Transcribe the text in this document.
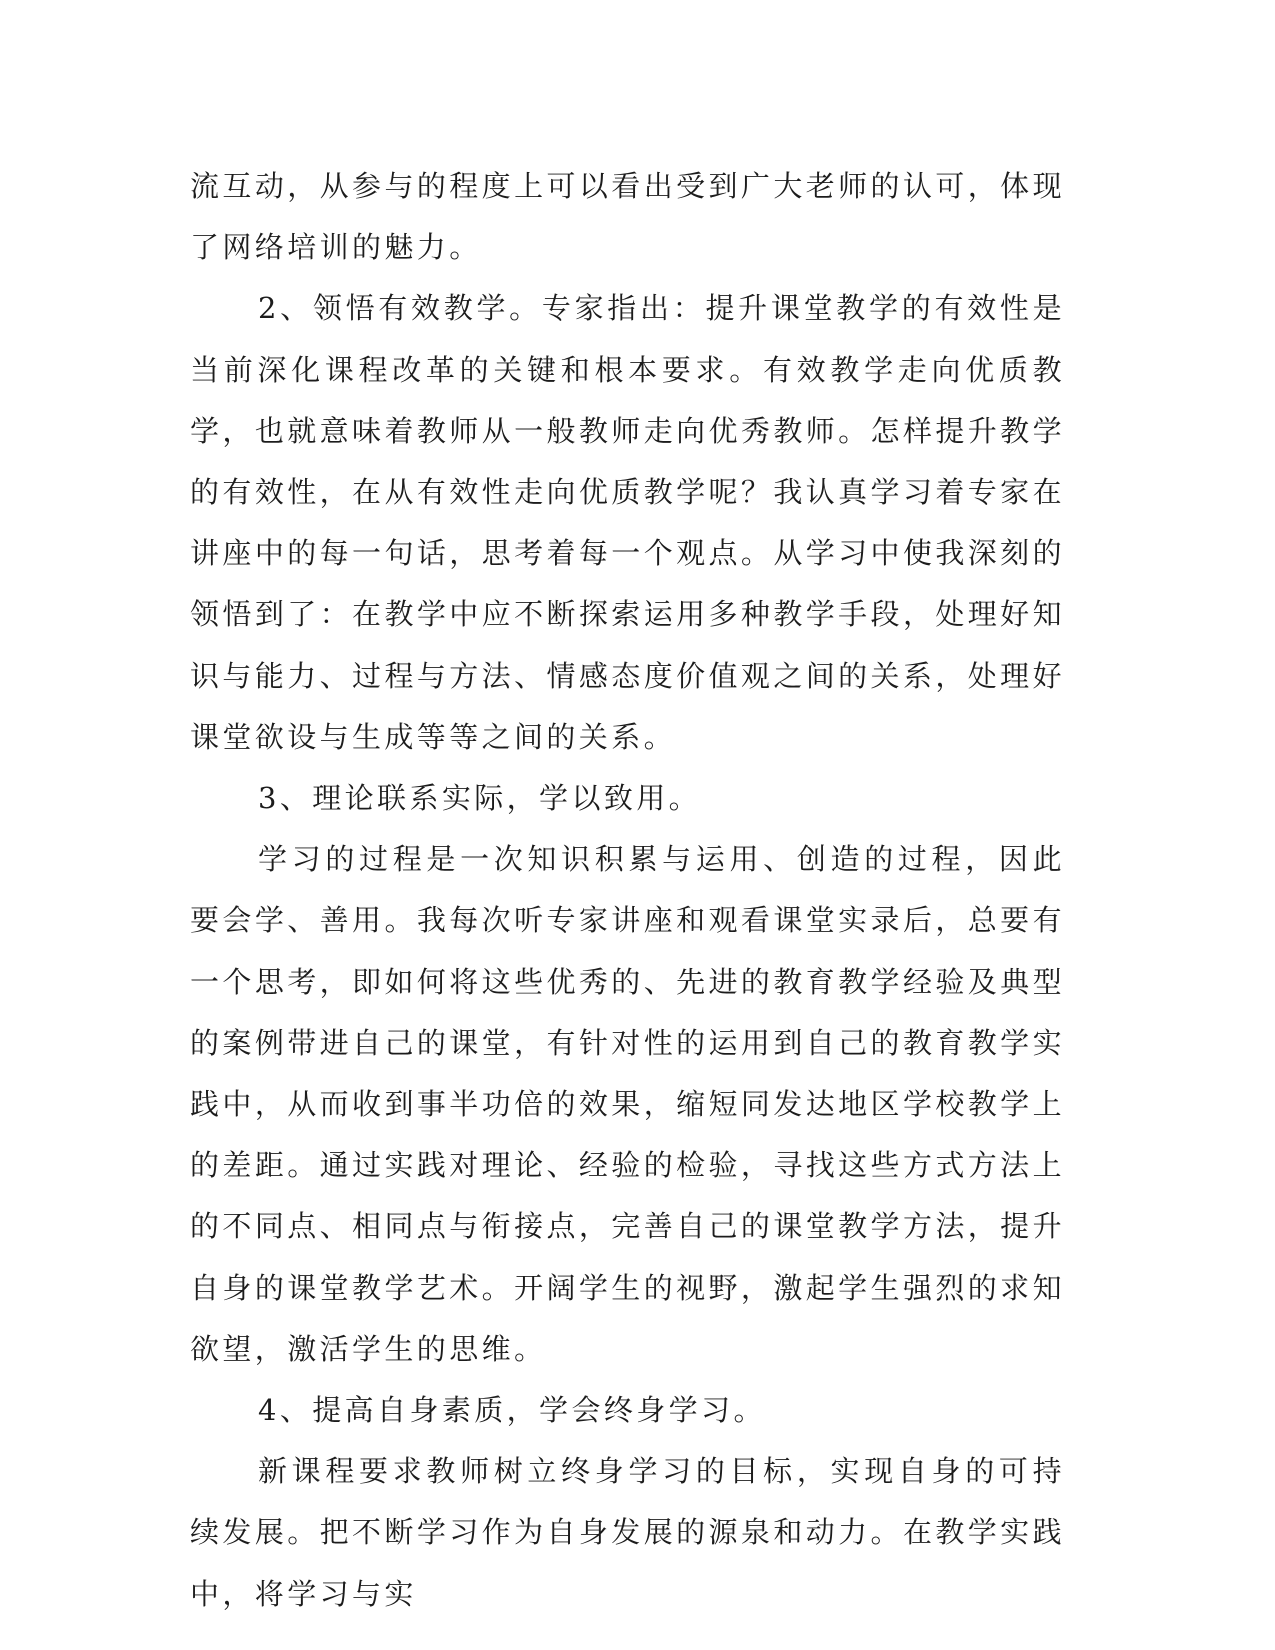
流互动，从参与的程度上可以看出受到广大老师的认可，体现了网络培训的魅力。

2、领悟有效教学。专家指出：提升课堂教学的有效性是当前深化课程改革的关键和根本要求。有效教学走向优质教学，也就意味着教师从一般教师走向优秀教师。怎样提升教学的有效性，在从有效性走向优质教学呢？我认真学习着专家在讲座中的每一句话，思考着每一个观点。从学习中使我深刻的领悟到了：在教学中应不断探索运用多种教学手段，处理好知识与能力、过程与方法、情感态度价值观之间的关系，处理好课堂欲设与生成等等之间的关系。

3、理论联系实际，学以致用。

学习的过程是一次知识积累与运用、创造的过程，因此要会学、善用。我每次听专家讲座和观看课堂实录后，总要有一个思考，即如何将这些优秀的、先进的教育教学经验及典型的案例带进自己的课堂，有针对性的运用到自己的教育教学实践中，从而收到事半功倍的效果，缩短同发达地区学校教学上的差距。通过实践对理论、经验的检验，寻找这些方式方法上的不同点、相同点与衔接点，完善自己的课堂教学方法，提升自身的课堂教学艺术。开阔学生的视野，激起学生强烈的求知欲望，激活学生的思维。

4、提高自身素质，学会终身学习。

新课程要求教师树立终身学习的目标，实现自身的可持续发展。把不断学习作为自身发展的源泉和动力。在教学实践中，将学习与实
